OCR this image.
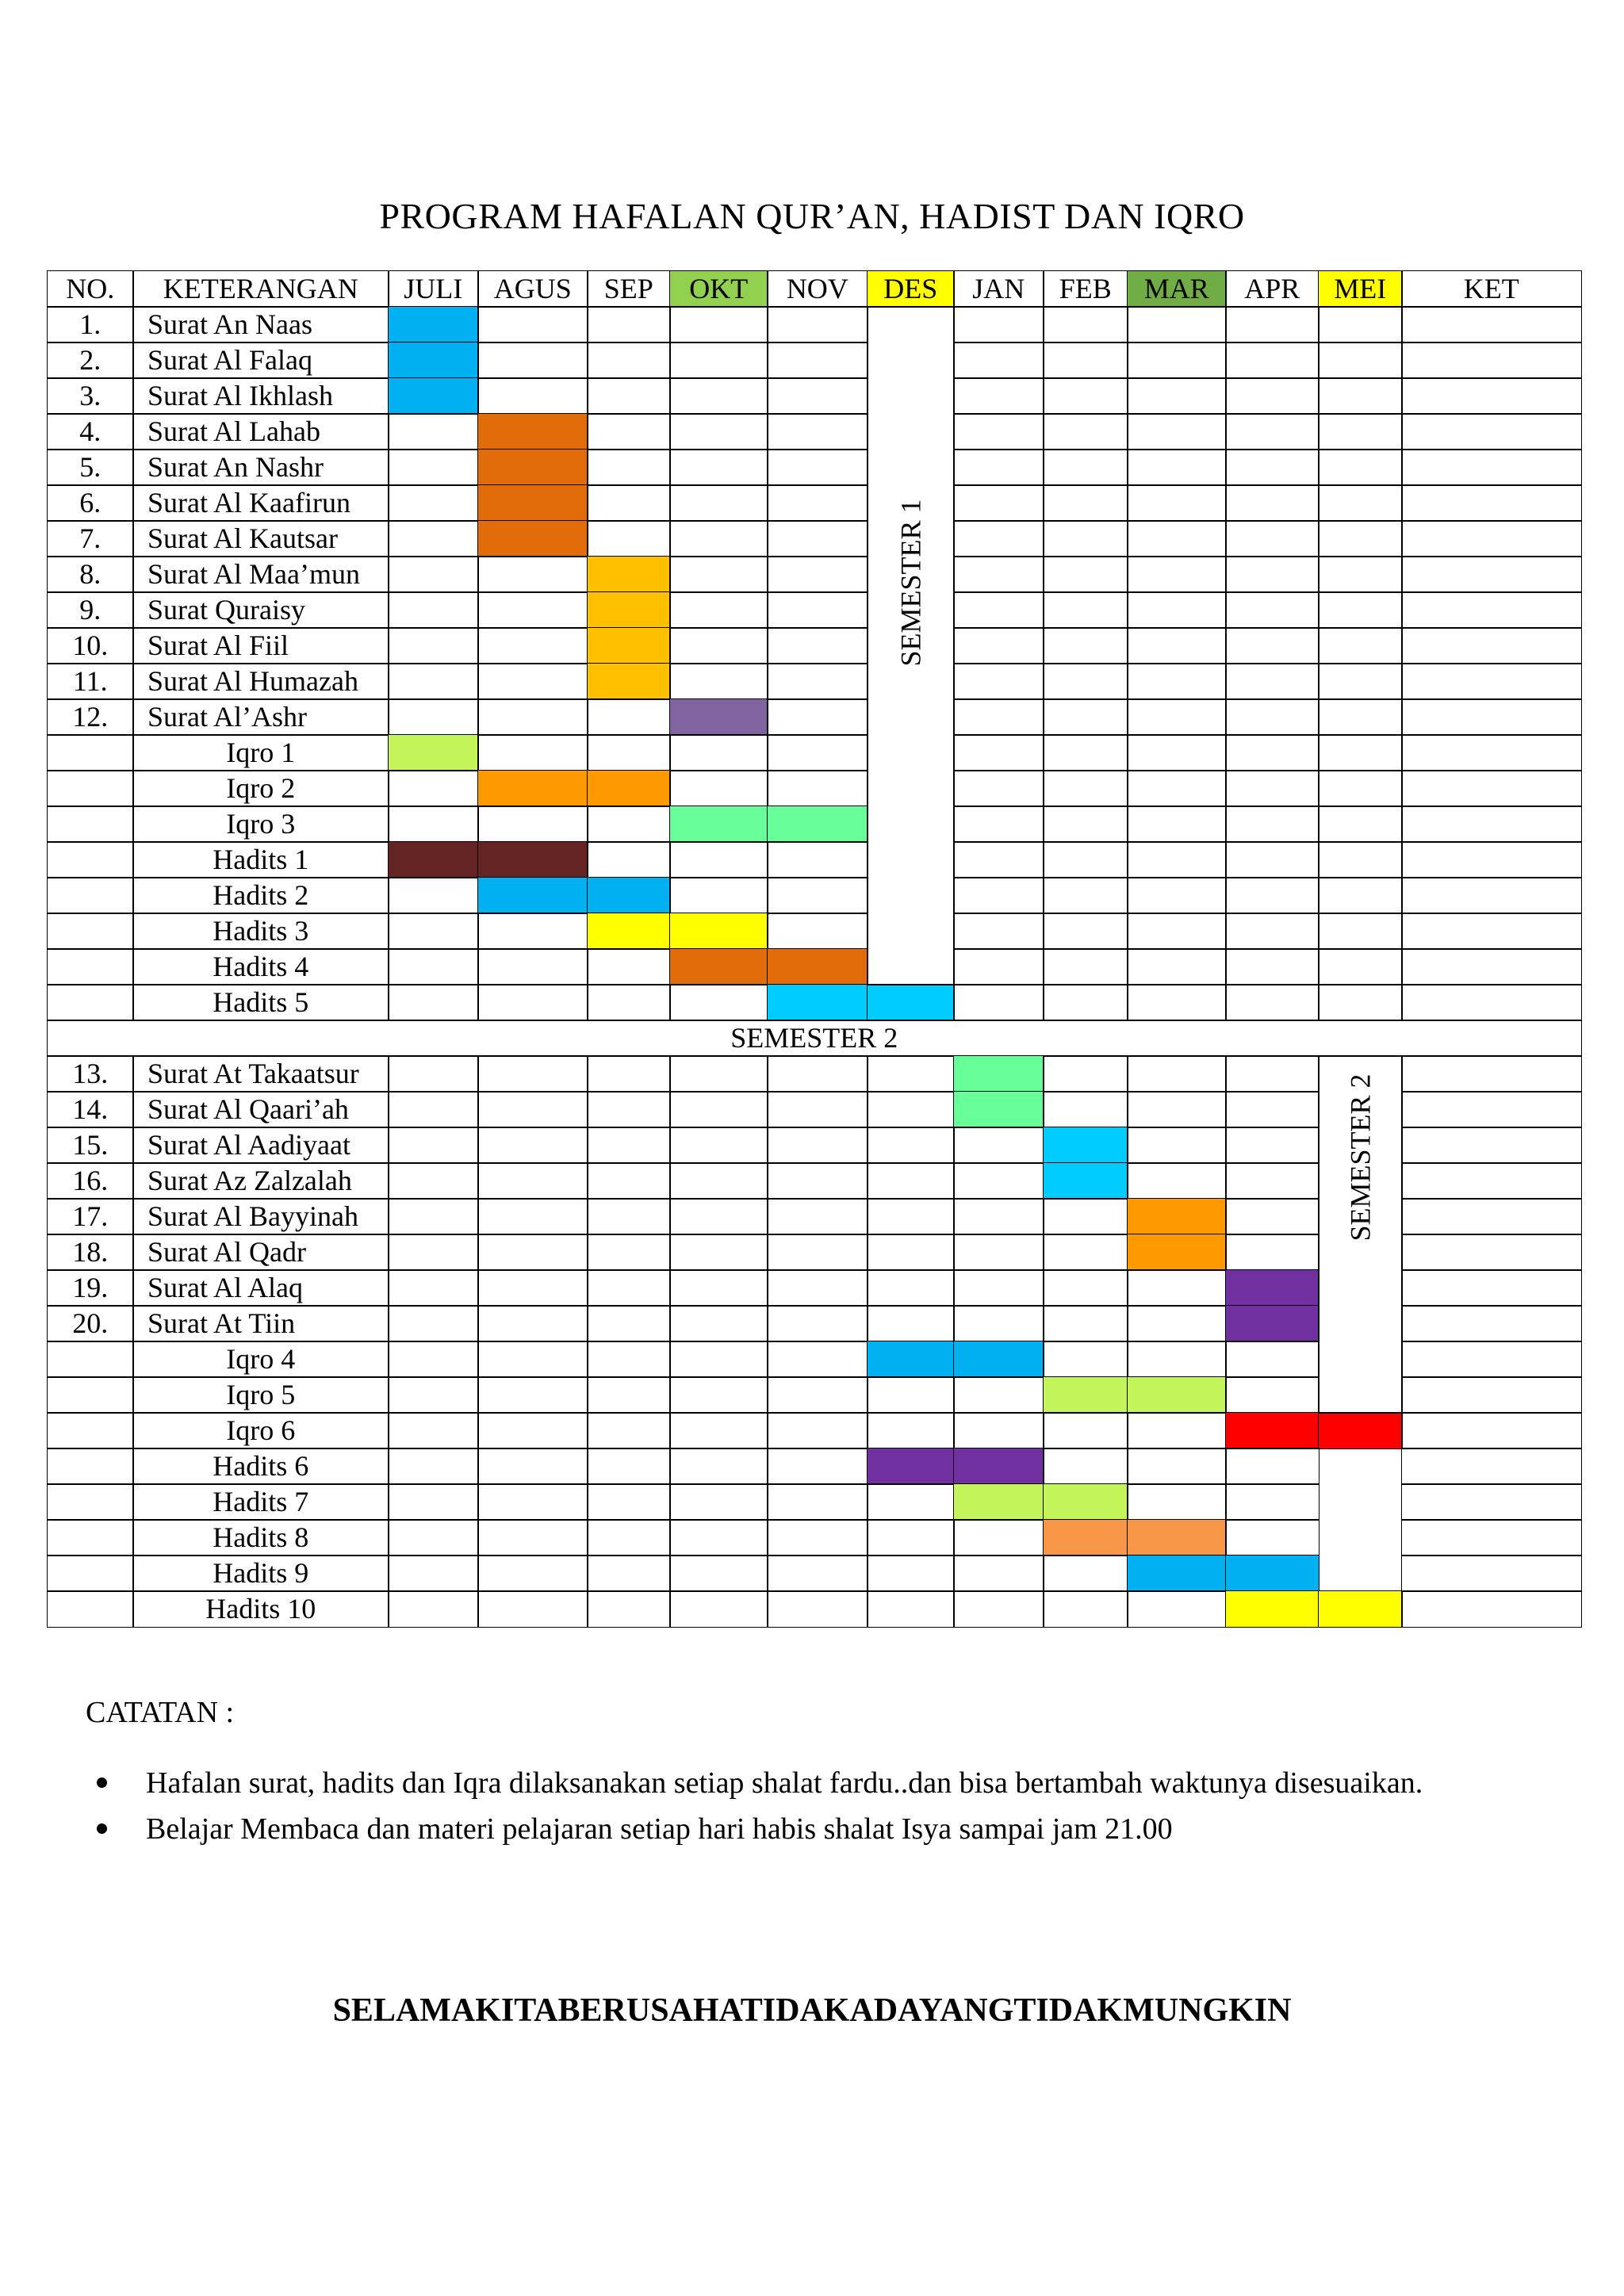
PROGRAM HAFALAN QUR’AN, HADIST DAN IQRO
NO.	KETERANGAN	JULI	AGUS	SEP	OKT	NOV	DES	JAN	FEB	MAR	APR	MEI	KET
1.	Surat An Naas
2.	Surat Al Falaq
3.	Surat Al Ikhlash
4.	Surat Al Lahab
5.	Surat An Nashr
6.	Surat Al Kaafirun
7.	Surat Al Kautsar
8.	Surat Al Maa’mun
9.	Surat Quraisy
10.	Surat Al Fiil
11.	Surat Al Humazah
12.	Surat Al’Ashr
Iqro 1
Iqro 2
Iqro 3
Hadits 1
Hadits 2
Hadits 3
Hadits 4
Hadits 5
SEMESTER 1
SEMESTER 2
13.	Surat At Takaatsur
14.	Surat Al Qaari’ah
15.	Surat Al Aadiyaat
16.	Surat Az Zalzalah
17.	Surat Al Bayyinah
18.	Surat Al Qadr
19.	Surat Al Alaq
20.	Surat At Tiin
Iqro 4
Iqro 5
Iqro 6
Hadits 6
Hadits 7
Hadits 8
Hadits 9
Hadits 10
SEMESTER 2
CATATAN :
Hafalan surat, hadits dan Iqra dilaksanakan setiap shalat fardu..dan bisa bertambah waktunya disesuaikan.
Belajar Membaca dan materi pelajaran setiap hari habis shalat Isya sampai jam 21.00
SELAMAKITABERUSAHATIDAKADAYANGTIDAKMUNGKIN
